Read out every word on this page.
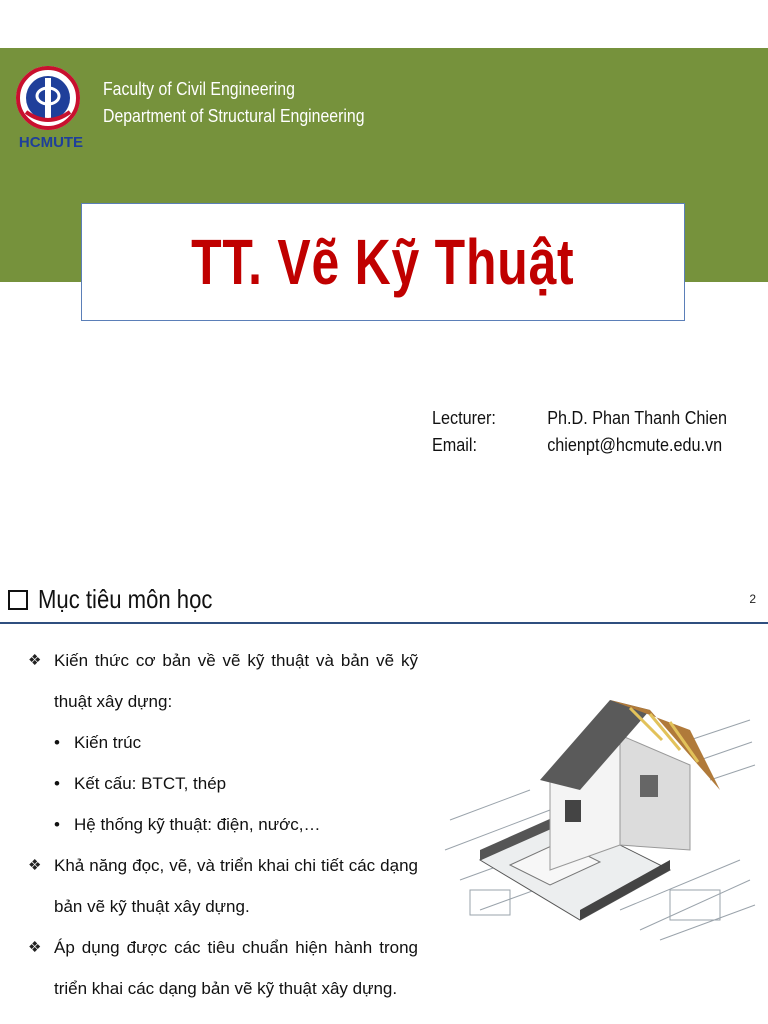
HCMUTE
Faculty of Civil Engineering
Department of Structural Engineering
TT. Vẽ Kỹ Thuật
Lecturer:	Ph.D. Phan Thanh Chien
Email:	chienpt@hcmute.edu.vn
Mục tiêu môn học	2
❖ Kiến thức cơ bản về vẽ kỹ thuật và bản vẽ kỹ thuật xây dựng:
• Kiến trúc
• Kết cấu: BTCT, thép
• Hệ thống kỹ thuật: điện, nước,…
❖ Khả năng đọc, vẽ, và triển khai chi tiết các dạng bản vẽ kỹ thuật xây dựng.
❖ Áp dụng được các tiêu chuẩn hiện hành trong triển khai các dạng bản vẽ kỹ thuật xây dựng.
